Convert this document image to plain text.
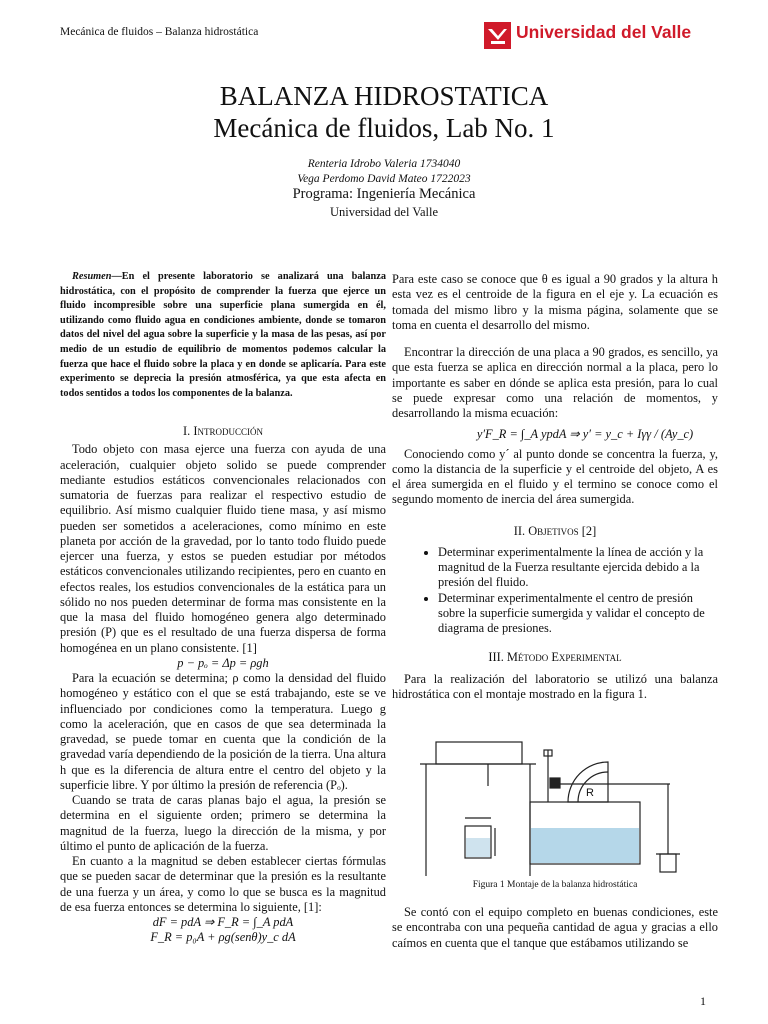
Mecánica de fluidos – Balanza hidrostática	Universidad del Valle
BALANZA HIDROSTATICA
Mecánica de fluidos, Lab No. 1
Renteria Idrobo Valeria 1734040
Vega Perdomo David Mateo 1722023
Programa: Ingeniería Mecánica
Universidad del Valle
Resumen—En el presente laboratorio se analizará una balanza hidrostática, con el propósito de comprender la fuerza que ejerce un fluido incompresible sobre una superficie plana sumergida en él, utilizando como fluido agua en condiciones ambiente, donde se tomaron datos del nivel del agua sobre la superficie y la masa de las pesas, así por medio de un estudio de equilibrio de momentos podemos calcular la fuerza que hace el fluido sobre la placa y en donde se aplicaría. Para este experimento se deprecia la presión atmosférica, ya que esta afecta en todos sentidos a todos los componentes de la balanza.

I. Introducción

Todo objeto con masa ejerce una fuerza con ayuda de una aceleración, cualquier objeto solido se puede comprender mediante estudios estáticos convencionales relacionados con sumatoria de fuerzas para realizar el respectivo estudio de equilibrio. Así mismo cualquier fluido tiene masa, y así mismo pueden ser sometidos a aceleraciones, como mínimo en este planeta por acción de la gravedad, por lo tanto todo fluido puede ejercer una fuerza, y estos se pueden estudiar por métodos estáticos convencionales utilizando recipientes, pero en cuanto en efectos reales, los estudios convencionales de la estática para un sólido no nos pueden determinar de forma mas consistente en la que la masa del fluido homogéneo genera algo determinado presión (P) que es el resultado de una fuerza dispersa de forma homogénea en un plano consistente. [1]

p − pₒ = Δp = ρgh

Para la ecuación se determina; ρ como la densidad del fluido homogéneo y estático con el que se está trabajando, este se ve influenciado por condiciones como la temperatura. Luego g como la aceleración, que en casos de que sea determinada la gravedad, se puede tomar en cuenta que la condición de la gravedad varía dependiendo de la posición de la tierra. Una altura h que es la diferencia de altura entre el centro del objeto y la superficie libre. Y por último la presión de referencia (Pₒ).

Cuando se trata de caras planas bajo el agua, la presión se determina en el siguiente orden; primero se determina la magnitud de la fuerza, luego la dirección de la misma, y por último el punto de aplicación de la fuerza.

En cuanto a la magnitud se deben establecer ciertas fórmulas que se pueden sacar de determinar que la presión es la resultante de una fuerza y un área, y como lo que se busca es la magnitud de esa fuerza entonces se determina lo siguiente, [1]:

dF = pdA ⇒ F_R = ∫_A pdA

F_R = p₀A + ρg(senθ)y_c dA

Para este caso se conoce que θ es igual a 90 grados y la altura h esta vez es el centroide de la figura en el eje y. La ecuación es tomada del mismo libro y la misma página, solamente que se toma en cuenta el desarrollo del mismo.

Encontrar la dirección de una placa a 90 grados, es sencillo, ya que esta fuerza se aplica en dirección normal a la placa, pero lo importante es saber en dónde se aplica esta presión, para lo cual se puede expresar como una relación de momentos, y desarrollando la misma ecuación:

y′F_R = ∫_A ypdA ⇒ y′ = y_c + Iγγ / (Ay_c)

Conociendo como y´ al punto donde se concentra la fuerza, y, como la distancia de la superficie y el centroide del objeto, A es el área sumergida en el fluido y el termino se conoce como el segundo momento de inercia del área sumergida.

II. Objetivos [2]

• Determinar experimentalmente la línea de acción y la magnitud de la Fuerza resultante ejercida debido a la presión del fluido.
• Determinar experimentalmente el centro de presión sobre la superficie sumergida y validar el concepto de diagrama de presiones.

III. Método Experimental

Para la realización del laboratorio se utilizó una balanza hidrostática con el montaje mostrado en la figura 1.

R
Figura 1 Montaje de la balanza hidrostática

Se contó con el equipo completo en buenas condiciones, este se encontraba con una pequeña cantidad de agua y gracias a ello caímos en cuenta que el tanque que estábamos utilizando se

1
